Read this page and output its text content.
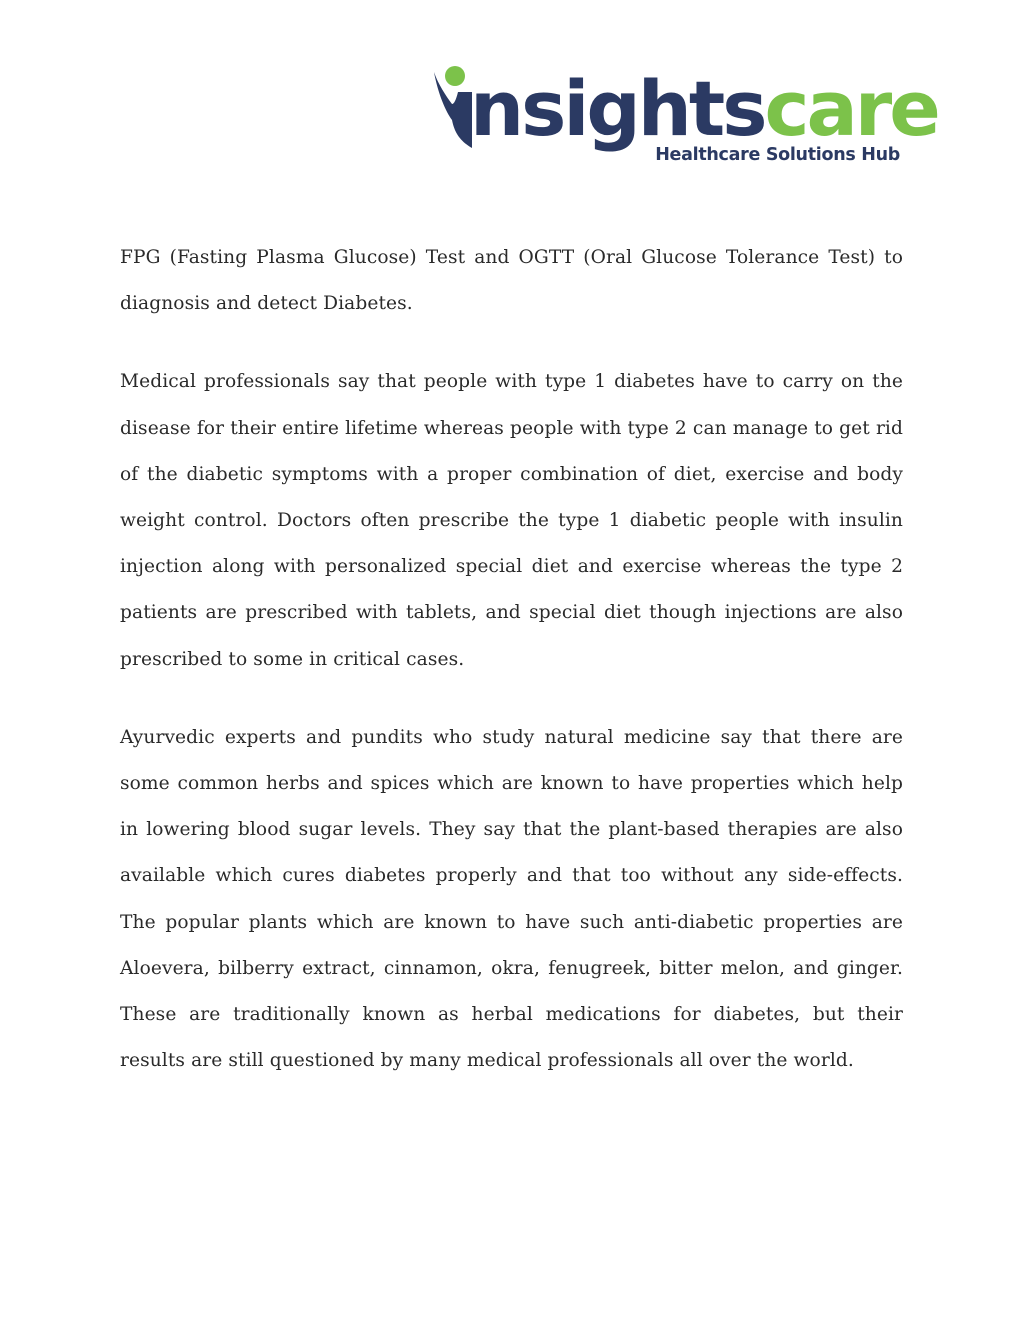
nsightscare
Healthcare Solutions Hub

FPG (Fasting Plasma Glucose) Test and OGTT (Oral Glucose Tolerance Test) to diagnosis and detect Diabetes.

Medical professionals say that people with type 1 diabetes have to carry on the disease for their entire lifetime whereas people with type 2 can manage to get rid of the diabetic symptoms with a proper combination of diet, exercise and body weight control. Doctors often prescribe the type 1 diabetic people with insulin injection along with personalized special diet and exercise whereas the type 2 patients are prescribed with tablets, and special diet though injections are also prescribed to some in critical cases.

Ayurvedic experts and pundits who study natural medicine say that there are some common herbs and spices which are known to have properties which help in lowering blood sugar levels. They say that the plant-based therapies are also available which cures diabetes properly and that too without any side-effects. The popular plants which are known to have such anti-diabetic properties are Aloevera, bilberry extract, cinnamon, okra, fenugreek, bitter melon, and ginger. These are traditionally known as herbal medications for diabetes, but their results are still questioned by many medical professionals all over the world.
